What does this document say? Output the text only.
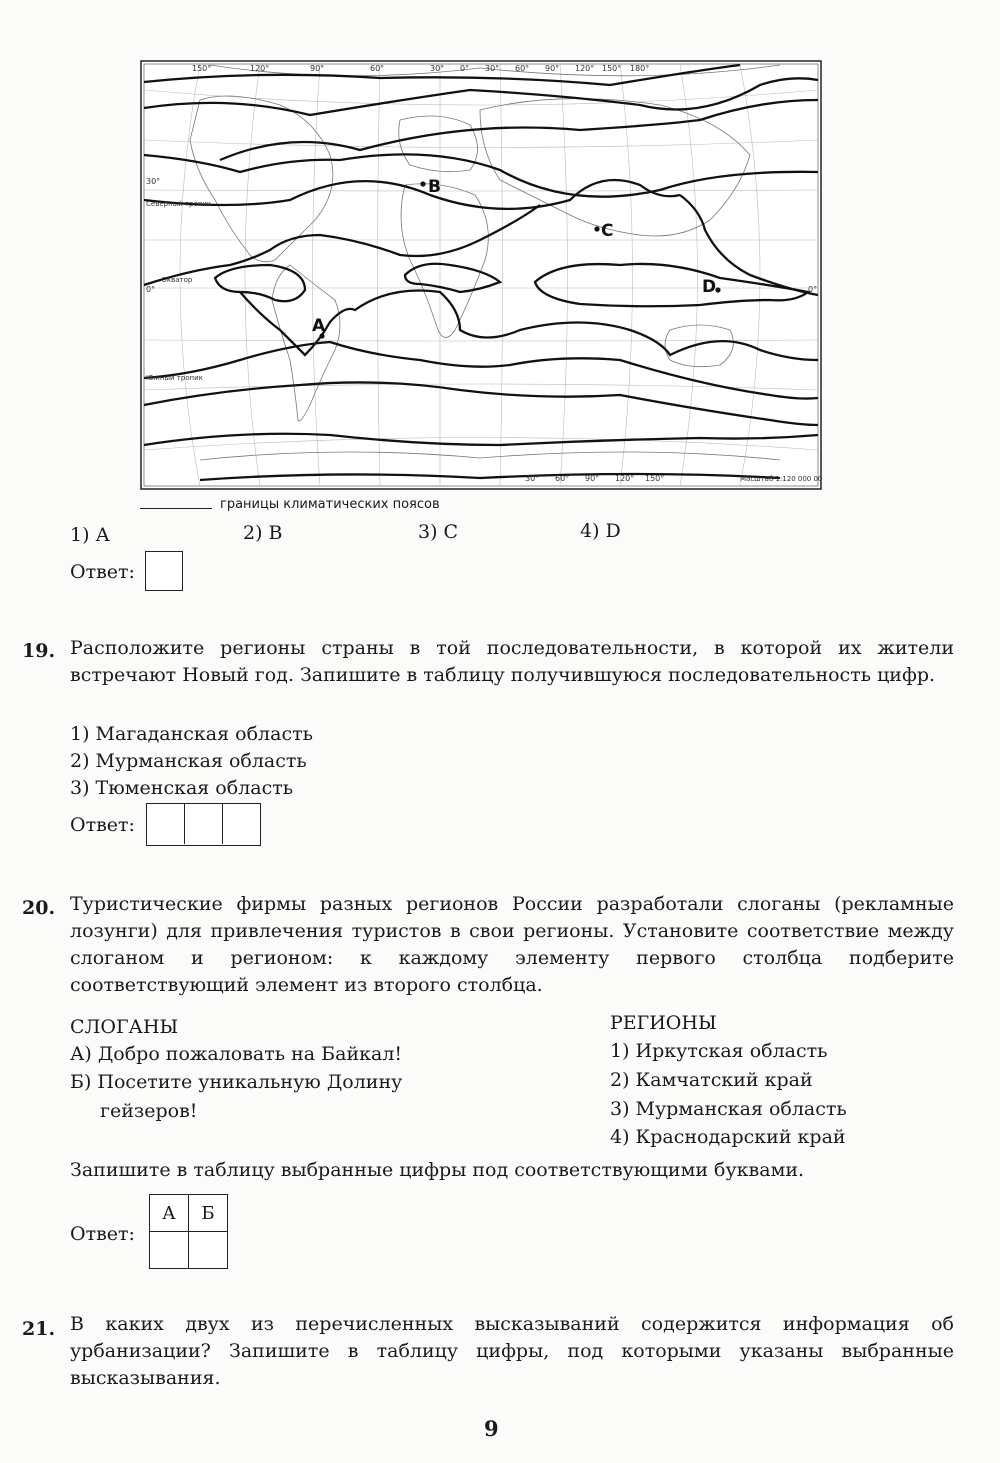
150°	120°	90°	60°	30° 0° 30° 60° 90° 120° 150° 180°
30°
0°	0°
Северный тропик
Экватор
Южный тропик
30° 60° 90° 120° 150°	Масштаб 1:120 000 000
A
B
C
D
границы климатических поясов
1) А	2) В	3) С	4) D
Ответ:
19. Расположите регионы страны в той последовательности, в которой их жители встречают Новый год. Запишите в таблицу получившуюся последовательность цифр.
1) Магаданская область
2) Мурманская область
3) Тюменская область
Ответ:
20. Туристические фирмы разных регионов России разработали слоганы (рекламные лозунги) для привлечения туристов в свои регионы. Установите соответствие между слоганом и регионом: к каждому элементу первого столбца подберите соответствующий элемент из второго столбца.
СЛОГАНЫ
А) Добро пожаловать на Байкал!
Б) Посетите уникальную Долину
гейзеров!
РЕГИОНЫ
1) Иркутская область
2) Камчатский край
3) Мурманская область
4) Краснодарский край
Запишите в таблицу выбранные цифры под соответствующими буквами.
Ответ:
А	Б

21. В каких двух из перечисленных высказываний содержится информация об урбанизации? Запишите в таблицу цифры, под которыми указаны выбранные высказывания.
9
